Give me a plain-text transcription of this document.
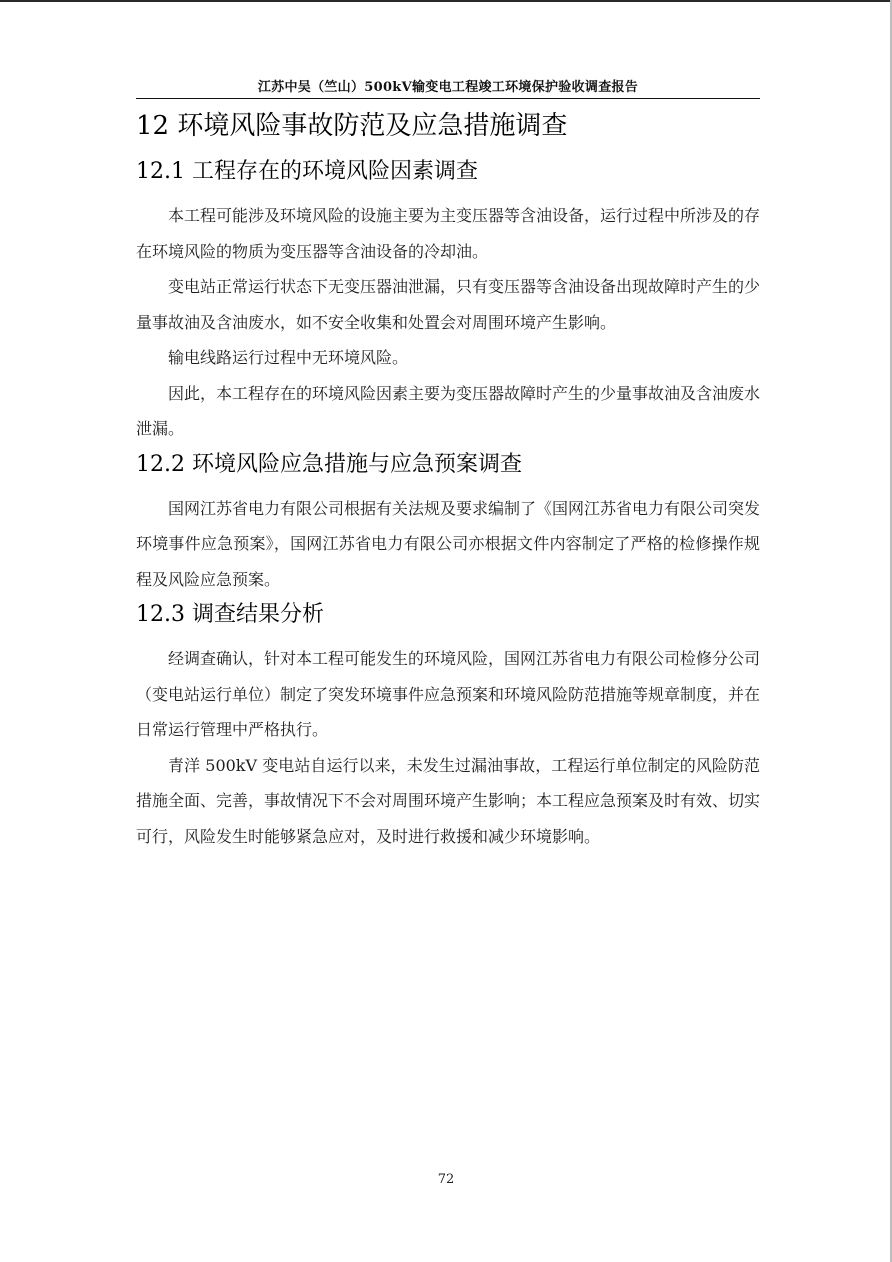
江苏中吴（竺山）500kV输变电工程竣工环境保护验收调查报告
12 环境风险事故防范及应急措施调查
12.1 工程存在的环境风险因素调查

本工程可能涉及环境风险的设施主要为主变压器等含油设备，运行过程中所涉及的存在环境风险的物质为变压器等含油设备的冷却油。

变电站正常运行状态下无变压器油泄漏，只有变压器等含油设备出现故障时产生的少量事故油及含油废水，如不安全收集和处置会对周围环境产生影响。

输电线路运行过程中无环境风险。

因此，本工程存在的环境风险因素主要为变压器故障时产生的少量事故油及含油废水泄漏。

12.2 环境风险应急措施与应急预案调查

国网江苏省电力有限公司根据有关法规及要求编制了《国网江苏省电力有限公司突发环境事件应急预案》，国网江苏省电力有限公司亦根据文件内容制定了严格的检修操作规程及风险应急预案。

12.3 调查结果分析

经调查确认，针对本工程可能发生的环境风险，国网江苏省电力有限公司检修分公司（变电站运行单位）制定了突发环境事件应急预案和环境风险防范措施等规章制度，并在日常运行管理中严格执行。

青洋 500kV 变电站自运行以来，未发生过漏油事故，工程运行单位制定的风险防范措施全面、完善，事故情况下不会对周围环境产生影响；本工程应急预案及时有效、切实可行，风险发生时能够紧急应对，及时进行救援和减少环境影响。

72
